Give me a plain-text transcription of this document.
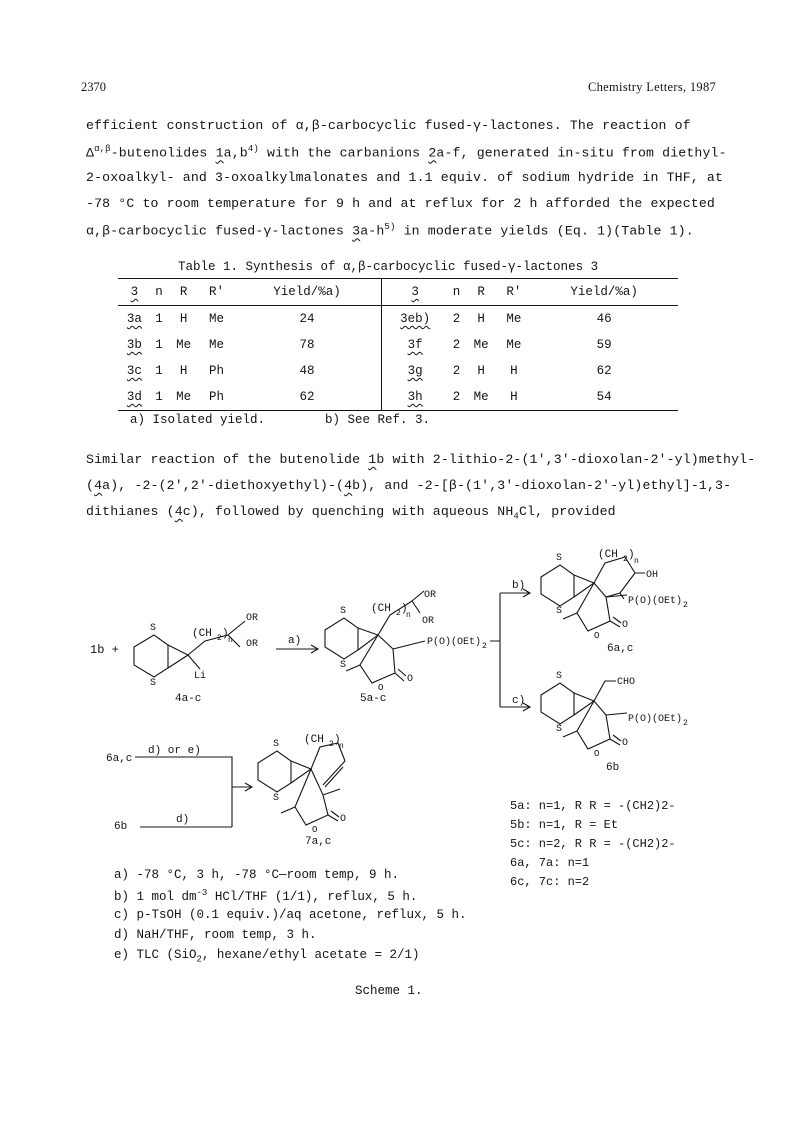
2370	Chemistry Letters, 1987
efficient construction of α,β-carbocyclic fused-γ-lactones. The reaction of
$\Delta^{\alpha,\beta}$-butenolides $1a,b^{4)}$ with the carbanions 2a-f, generated in-situ from diethyl-
2-oxoalkyl- and 3-oxoalkylmalonates and 1.1 equiv. of sodium hydride in THF, at
-78 °C to room temperature for 9 h and at reflux for 2 h afforded the expected
α,β-carbocyclic fused-γ-lactones $3a-h^{5)}$ in moderate yields (Eq. 1)(Table 1).
Table 1. Synthesis of α,β-carbocyclic fused-γ-lactones 3
3	n	R	R'	Yield/%a)	3	n	R	R'	Yield/%a)
3a	1	H	Me	24	3eb)	2	H	Me	46
3b	1	Me	Me	78	3f	2	Me	Me	59
3c	1	H	Ph	48	3g	2	H	H	62
3d	1	Me	Ph	62	3h	2	Me	H	54
a) Isolated yield.	b) See Ref. 3.
Similar reaction of the butenolide 1b with 2-lithio-2-(1',3'-dioxolan-2'-yl)methyl-
(4a), -2-(2',2'-diethoxyethyl)-(4b), and -2-[β-(1',3'-dioxolan-2'-yl)ethyl]-1,3-
dithianes (4c), followed by quenching with aqueous $NH_4Cl$, provided
S
S
(CH 2 )
n
OR
OR
Li
1b +
4a-c
a)
S
S
(CH 2 )
n
OR
OR
P(O)(OEt) 2
O
O
5a-c
b)
c)
S
S
(CH 2 )
n
OH
P(O)(OEt) 2
O
O
6a,c
S
S
CHO
P(O)(OEt) 2
O
O
6b
6a,c
d) or e)
6b
d)
S
S
(CH 2 )
n
O
O
7a,c
5a: n=1, R R = -(CH2)2-
5b: n=1, R = Et
5c: n=2, R R = -(CH2)2-
6a, 7a: n=1
6c, 7c: n=2
a) -78 °C, 3 h, -78 °C—room temp, 9 h.
b) 1 mol $dm^{-3}$ HCl/THF (1/1), reflux, 5 h.
c) p-TsOH (0.1 equiv.)/aq acetone, reflux, 5 h.
d) NaH/THF, room temp, 3 h.
e) TLC (SiO$_2$, hexane/ethyl acetate = 2/1)
Scheme 1.
